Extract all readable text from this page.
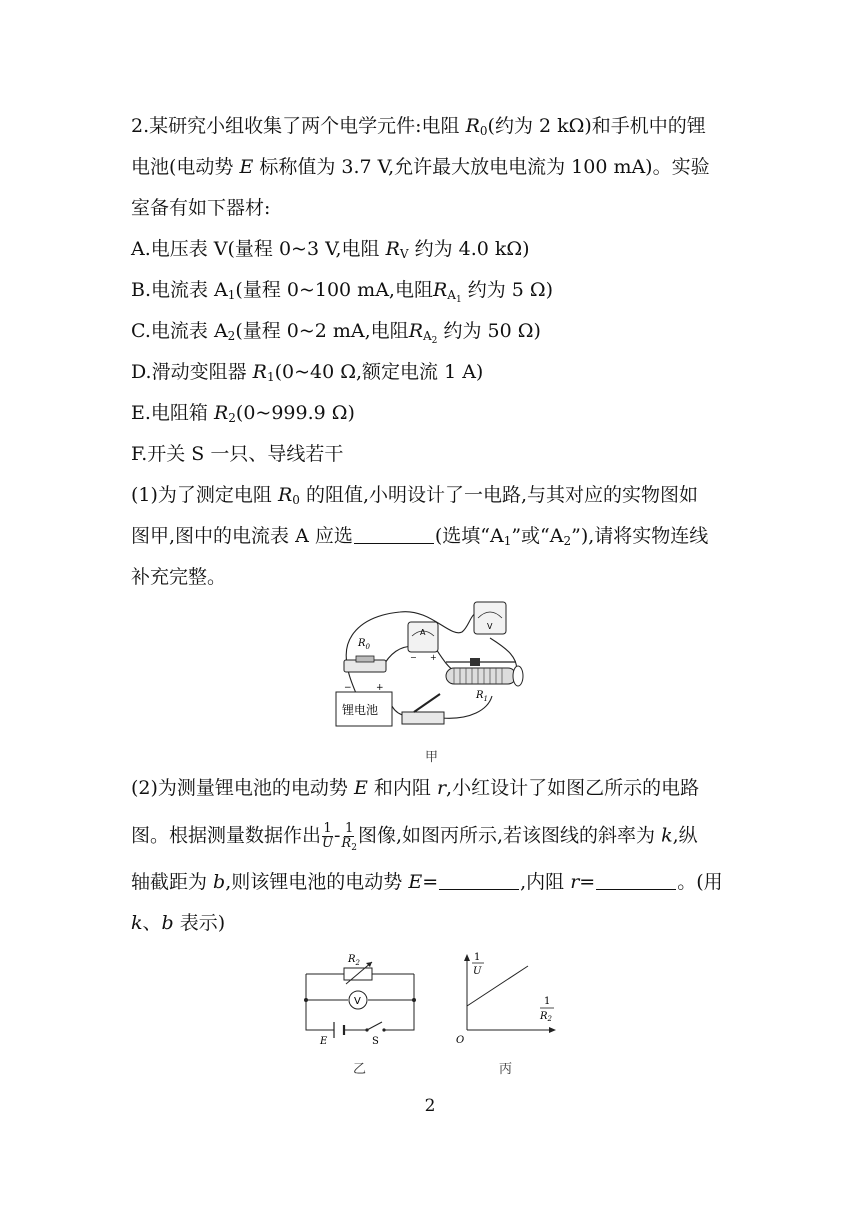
2.某研究小组收集了两个电学元件:电阻 $R_0$(约为 2 kΩ)和手机中的锂
电池(电动势 E 标称值为 3.7 V,允许最大放电电流为 100 mA)。实验
室备有如下器材:
A.电压表 V(量程 0~3 V,电阻 $R_V$ 约为 4.0 kΩ)
B.电流表 $A_1$(量程 0~100 mA,电阻$R_{A_1}$ 约为 5 Ω)
C.电流表 $A_2$(量程 0~2 mA,电阻$R_{A_2}$ 约为 50 Ω)
D.滑动变阻器 $R_1(0\sim 40$ Ω,额定电流 1 A)
E.电阻箱 $R_2(0\sim 999.9$ Ω)
F.开关 S 一只、导线若干
(1)为了测定电阻 $R_0$ 的阻值,小明设计了一电路,与其对应的实物图如
图甲,图中的电流表 A 应选	(选填“$A_1$”或“$A_2$”),请将实物连线
补充完整。
$R_0$
A
− +
V
$R_1$
锂电池
−	+
甲
(2)为测量锂电池的电动势 E 和内阻 r,小红设计了如图乙所示的电路
图。根据测量数据作出 $\frac{1}{U} - \frac{1}{R_2}$ 图像,如图丙所示,若该图线的斜率为 k,纵
轴截距为 b,则该锂电池的电动势 E=	,内阻 r=	。(用
k、b 表示)
$R_2$
V
E	S
乙
1
U
1
$R_2$
O
丙
2
